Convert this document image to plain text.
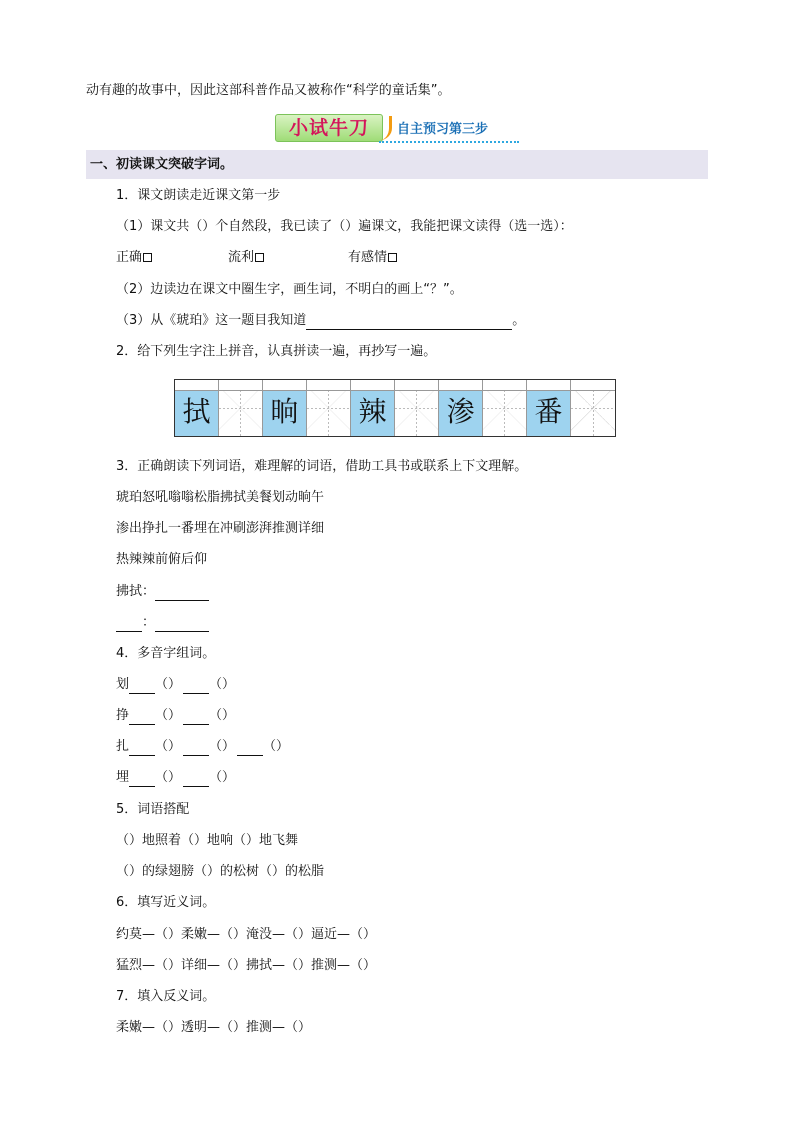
动有趣的故事中，因此这部科普作品又被称作“科学的童话集”。
小试牛刀	自主预习第三步
一、初读课文突破字词。
1．课文朗读走近课文第一步
（1）课文共（）个自然段，我已读了（）遍课文，我能把课文读得（选一选）：
正确	流利	有感情
（2）边读边在课文中圈生字，画生词，不明白的画上“？”。
（3）从《琥珀》这一题目我知道	。
2．给下列生字注上拼音，认真拼读一遍，再抄写一遍。
拭 晌 辣 渗 番
3．正确朗读下列词语，难理解的词语，借助工具书或联系上下文理解。
琥珀怒吼嗡嗡松脂拂拭美餐划动晌午
渗出挣扎一番埋在冲刷澎湃推测详细
热辣辣前俯后仰
拂拭：
：
4．多音字组词。
划 （） （）
挣 （） （）
扎 （） （） （）
埋 （） （）
5．词语搭配
（）地照着（）地响（）地飞舞
（）的绿翅膀（）的松树（）的松脂
6．填写近义词。
约莫—（）柔嫩—（）淹没—（）逼近—（）
猛烈—（）详细—（）拂拭—（）推测—（）
7．填入反义词。
柔嫩—（）透明—（）推测—（）
